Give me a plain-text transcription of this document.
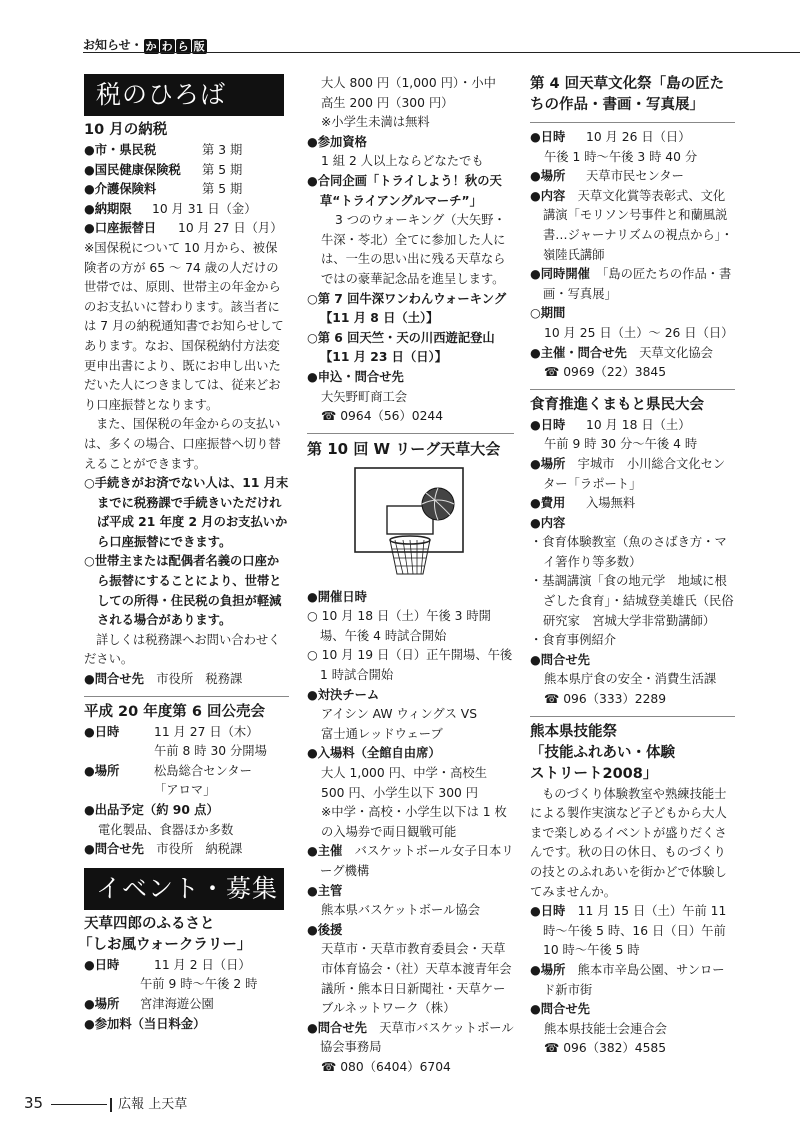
お知らせ・ か わ ら 版
税のひろば
10 月の納税

●市・県民税	第 3 期

●国民健康保険税 第 5 期

●介護保険料	第 5 期

●納期限 10 月 31 日（金）

●口座振替日 10 月 27 日（月）

※国保税について 10 月から、被保険者の方が 65 ～ 74 歳の人だけの世帯では、原則、世帯主の年金からのお支払いに替わります。該当者には 7 月の納税通知書でお知らせしてあります。なお、国保税納付方法変更申出書により、既にお申し出いただいた人につきましては、従来どおり口座振替となります。
また、国保税の年金からの支払いは、多くの場合、口座振替へ切り替えることができます。
○手続きがお済でない人は、11 月末までに税務課で手続きいただければ平成 21 年度 2 月のお支払いから口座振替にできます。
○世帯主または配偶者名義の口座から振替にすることにより、世帯としての所得・住民税の負担が軽減される場合があります。
詳しくは税務課へお問い合わせください。
●問合せ先　 市役所　税務課
平成 20 年度第 6 回公売会
●日時	11 月 27 日（木）
午前 8 時 30 分開場
●場所	松島総合センター
「アロマ」
●出品予定（約 90 点）
電化製品、食器ほか多数
●問合せ先　 市役所　納税課
イベント・募集
天草四郎のふるさと
「しお風ウォークラリー」
●日時	11 月 2 日（日）
午前 9 時～午後 2 時
●場所 宮津海遊公園
●参加料（当日料金）
大人 800 円（1,000 円）・小中
高生 200 円（300 円）
※小学生未満は無料
●参加資格
1 組 2 人以上ならどなたでも
●合同企画「トライしよう！秋の天草“トライアングルマーチ”」
3 つのウォーキング（大矢野・牛深・苓北）全てに参加した人には、一生の思い出に残る天草ならではの豪華記念品を進呈します。
○第 7 回牛深ワンわんウォーキング【11 月 8 日（土）】
○第 6 回天竺・天の川西遊記登山【11 月 23 日（日）】
●申込・問合せ先
大矢野町商工会
☎ 0964（56）0244
第 10 回 W リーグ天草大会
●開催日時
○ 10 月 18 日（土）午後 3 時開場、午後 4 時試合開始
○ 10 月 19 日（日）正午開場、午後 1 時試合開始
●対決チーム
アイシン AW ウィングス VS
富士通レッドウェーブ
●入場料（全館自由席）
大人 1,000 円、中学・高校生 500 円、小学生以下 300 円
※中学・高校・小学生以下は 1 枚の入場券で両日観戦可能
●主催　 バスケットボール女子日本リーグ機構
●主管
熊本県バスケットボール協会
●後援
天草市・天草市教育委員会・天草市体育協会・（社）天草本渡青年会議所・熊本日日新聞社・天草ケーブルネットワーク（株）
●問合せ先　 天草市バスケットボール協会事務局
☎ 080（6404）6704
第 4 回天草文化祭「島の匠たちの作品・書画・写真展」
●日時 10 月 26 日（日）
午後 1 時～午後 3 時 40 分
●場所 天草市民センター
●内容　 天草文化賞等表彰式、文化講演「モリソン号事件と和蘭風説書…ジャーナリズムの視点から」・嶺陸氏講師
●同時開催　 「島の匠たちの作品・書画・写真展」
○期間
10 月 25 日（土）～ 26 日（日）
●主催・問合せ先　 天草文化協会
☎ 0969（22）3845
食育推進くまもと県民大会
●日時 10 月 18 日（土）
午前 9 時 30 分～午後 4 時
●場所　 宇城市　小川総合文化センター「ラポート」
●費用 入場無料
●内容
・食育体験教室（魚のさばき方・マイ箸作り等多数）
・基調講演「食の地元学　地域に根ざした食育」・結城登美雄氏（民俗研究家　宮城大学非常勤講師）
・食育事例紹介
●問合せ先
熊本県庁食の安全・消費生活課
☎ 096（333）2289
熊本県技能祭
「技能ふれあい・体験
ストリート2008」
ものづくり体験教室や熟練技能士による製作実演など子どもから大人まで楽しめるイベントが盛りだくさんです。秋の日の休日、ものづくりの技とのふれあいを街かどで体験してみませんか。
●日時　 11 月 15 日（土）午前 11 時～午後 5 時、16 日（日）午前 10 時～午後 5 時
●場所　 熊本市辛島公園、サンロード新市街
●問合せ先
熊本県技能士会連合会
☎ 096（382）4585
35	広報 上天草
